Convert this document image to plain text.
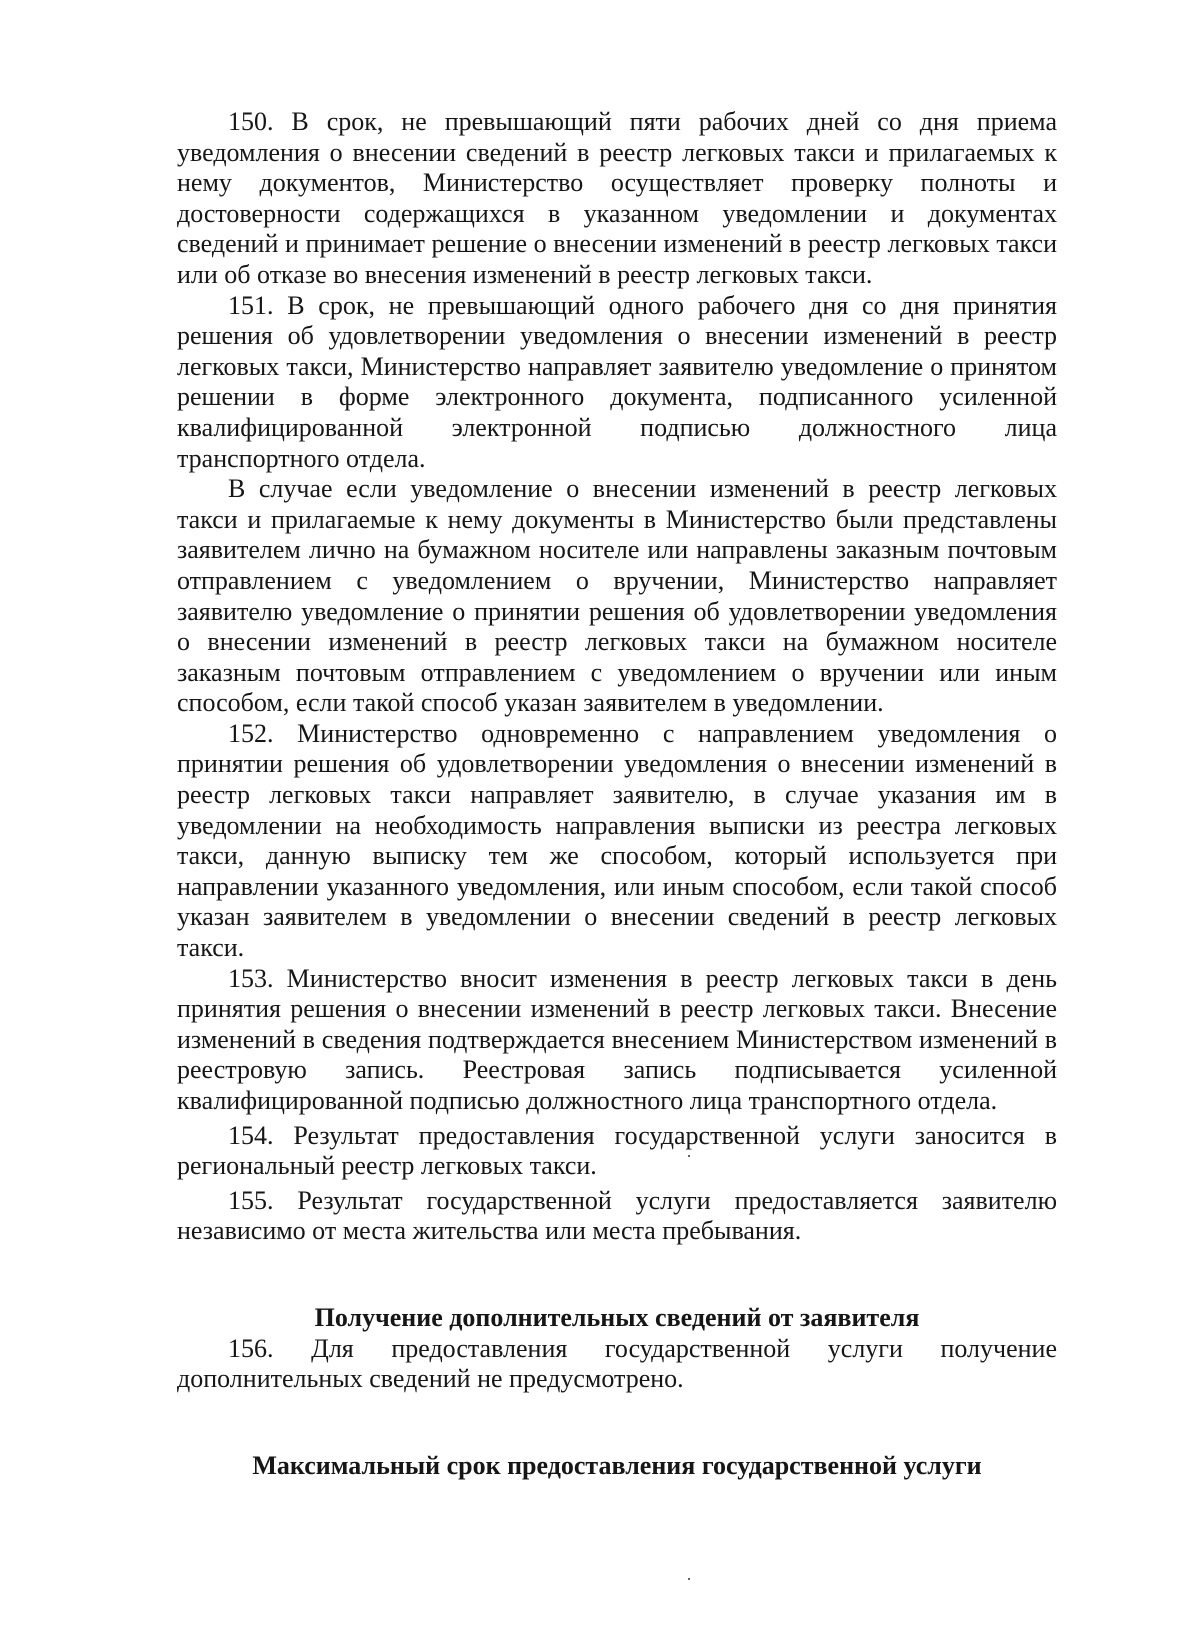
150. В срок, не превышающий пяти рабочих дней со дня приема уведомления о внесении сведений в реестр легковых такси и прилагаемых к нему документов, Министерство осуществляет проверку полноты и достоверности содержащихся в указанном уведомлении и документах сведений и принимает решение о внесении изменений в реестр легковых такси или об отказе во внесения изменений в реестр легковых такси.

151. В срок, не превышающий одного рабочего дня со дня принятия решения об удовлетворении уведомления о внесении изменений в реестр легковых такси, Министерство направляет заявителю уведомление о принятом решении в форме электронного документа, подписанного усиленной квалифицированной электронной подписью должностного лица транспортного отдела.

В случае если уведомление о внесении изменений в реестр легковых такси и прилагаемые к нему документы в Министерство были представлены заявителем лично на бумажном носителе или направлены заказным почтовым отправлением с уведомлением о вручении, Министерство направляет заявителю уведомление о принятии решения об удовлетворении уведомления о внесении изменений в реестр легковых такси на бумажном носителе заказным почтовым отправлением с уведомлением о вручении или иным способом, если такой способ указан заявителем в уведомлении.

152. Министерство одновременно с направлением уведомления о принятии решения об удовлетворении уведомления о внесении изменений в реестр легковых такси направляет заявителю, в случае указания им в уведомлении на необходимость направления выписки из реестра легковых такси, данную выписку тем же способом, который используется при направлении указанного уведомления, или иным способом, если такой способ указан заявителем в уведомлении о внесении сведений в реестр легковых такси.

153. Министерство вносит изменения в реестр легковых такси в день принятия решения о внесении изменений в реестр легковых такси. Внесение изменений в сведения подтверждается внесением Министерством изменений в реестровую запись. Реестровая запись подписывается усиленной квалифицированной подписью должностного лица транспортного отдела.

154. Результат предоставления государственной услуги заносится в региональный реестр легковых такси.

155. Результат государственной услуги предоставляется заявителю независимо от места жительства или места пребывания.

Получение дополнительных сведений от заявителя

156. Для предоставления государственной услуги получение дополнительных сведений не предусмотрено.

Максимальный срок предоставления государственной услуги
